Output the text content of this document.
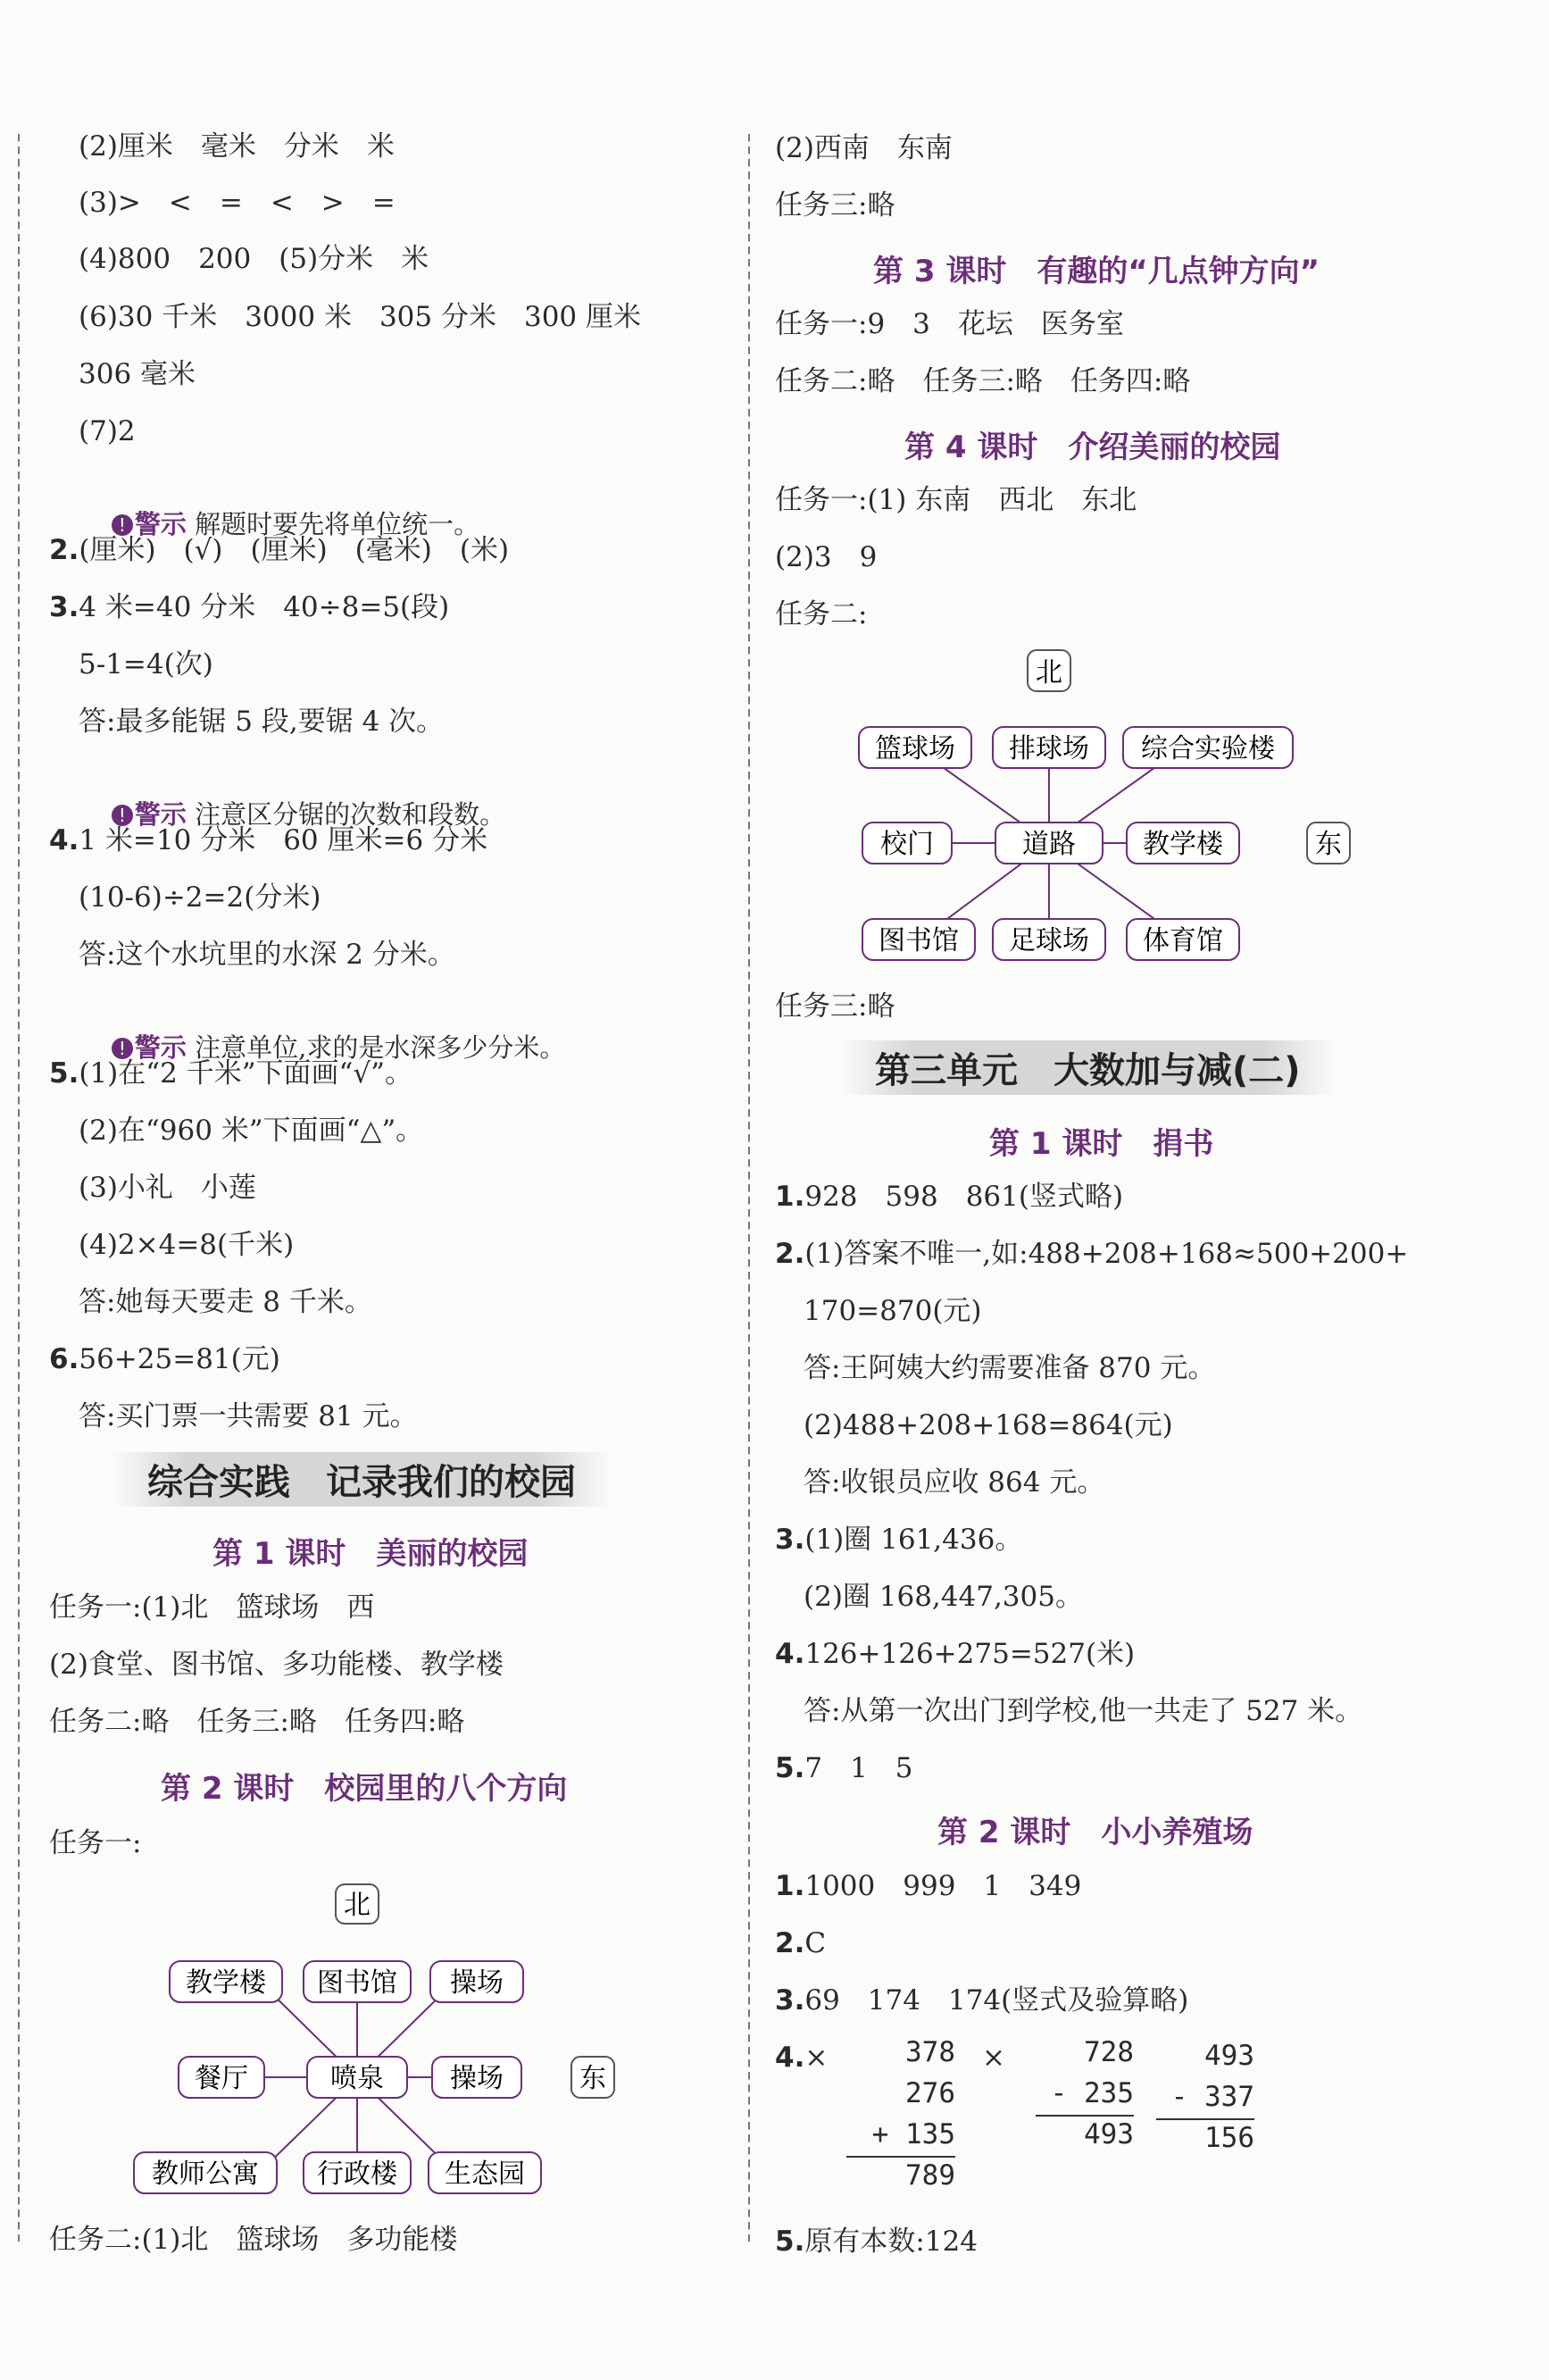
(2)厘米　毫米　分米　米
(3)>　<　=　<　>　=
(4)800　200　(5)分米　米
(6)30 千米　3000 米　305 分米　300 厘米
306 毫米
(7)2

! 警示 解题时要先将单位统一。

2.(厘米)　(√)　(厘米)　(毫米)　(米)
3.4 米=40 分米　40÷8=5(段)
5-1=4(次)
答:最多能锯 5 段,要锯 4 次。

! 警示 注意区分锯的次数和段数。

4.1 米=10 分米　60 厘米=6 分米
(10-6)÷2=2(分米)
答:这个水坑里的水深 2 分米。

! 警示 注意单位,求的是水深多少分米。

5.(1)在“2 千米”下面画“√”。
(2)在“960 米”下面画“△”。
(3)小礼　小莲
(4)2×4=8(千米)
答:她每天要走 8 千米。
6.56+25=81(元)
答:买门票一共需要 81 元。
综合实践　记录我们的校园
第 1 课时　美丽的校园
任务一:(1)北　篮球场　西
(2)食堂、图书馆、多功能楼、教学楼
任务二:略　任务三:略　任务四:略
第 2 课时　校园里的八个方向
任务一:
北
教学楼 图书馆 操场
餐厅	喷泉 操场	东
教师公寓 行政楼 生态园
任务二:(1)北　篮球场　多功能楼
(2)西南　东南
任务三:略
第 3 课时　有趣的“几点钟方向”
任务一:9　3　花坛　医务室
任务二:略　任务三:略　任务四:略
第 4 课时　介绍美丽的校园
任务一:(1) 东南　西北　东北
(2)3　9
任务二:
北
篮球场 排球场 综合实验楼
校门	道路	教学楼	东
图书馆 足球场 体育馆
任务三:略
第三单元　大数加与减(二)
第 1 课时　捐书
1.928　598　861(竖式略)
2.(1)答案不唯一,如:488+208+168≈500+200+
170=870(元)
答:王阿姨大约需要准备 870 元。
(2)488+208+168=864(元)
答:收银员应收 864 元。
3.(1)圈 161,436。
(2)圈 168,447,305。
4.126+126+275=527(米)
答:从第一次出门到学校,他一共走了 527 米。
5.7　1　5
第 2 课时　小小养殖场
1.1000　999　1　349
2.C
3.69　174　174(竖式及验算略)
4.×	×
378
276
+ 135
789
728
- 235
493
493
- 337
156
5.原有本数:124
